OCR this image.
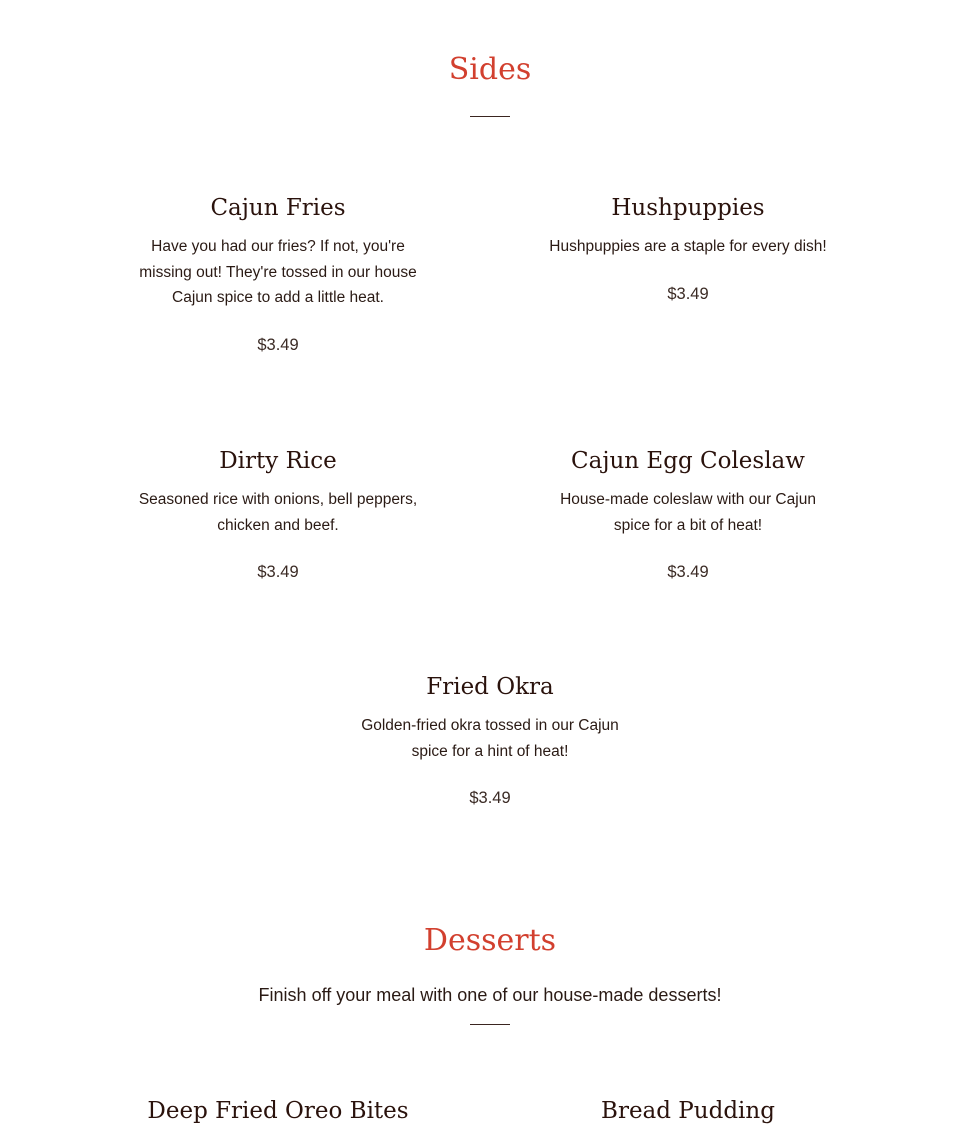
Sides
Cajun Fries
Have you had our fries? If not, you're missing out! They're tossed in our house Cajun spice to add a little heat.
$3.49
Hushpuppies
Hushpuppies are a staple for every dish!
$3.49
Dirty Rice
Seasoned rice with onions, bell peppers, chicken and beef.
$3.49
Cajun Egg Coleslaw
House-made coleslaw with our Cajun spice for a bit of heat!
$3.49
Fried Okra
Golden-fried okra tossed in our Cajun spice for a hint of heat!
$3.49
Desserts
Finish off your meal with one of our house-made desserts!
Deep Fried Oreo Bites	Bread Pudding
